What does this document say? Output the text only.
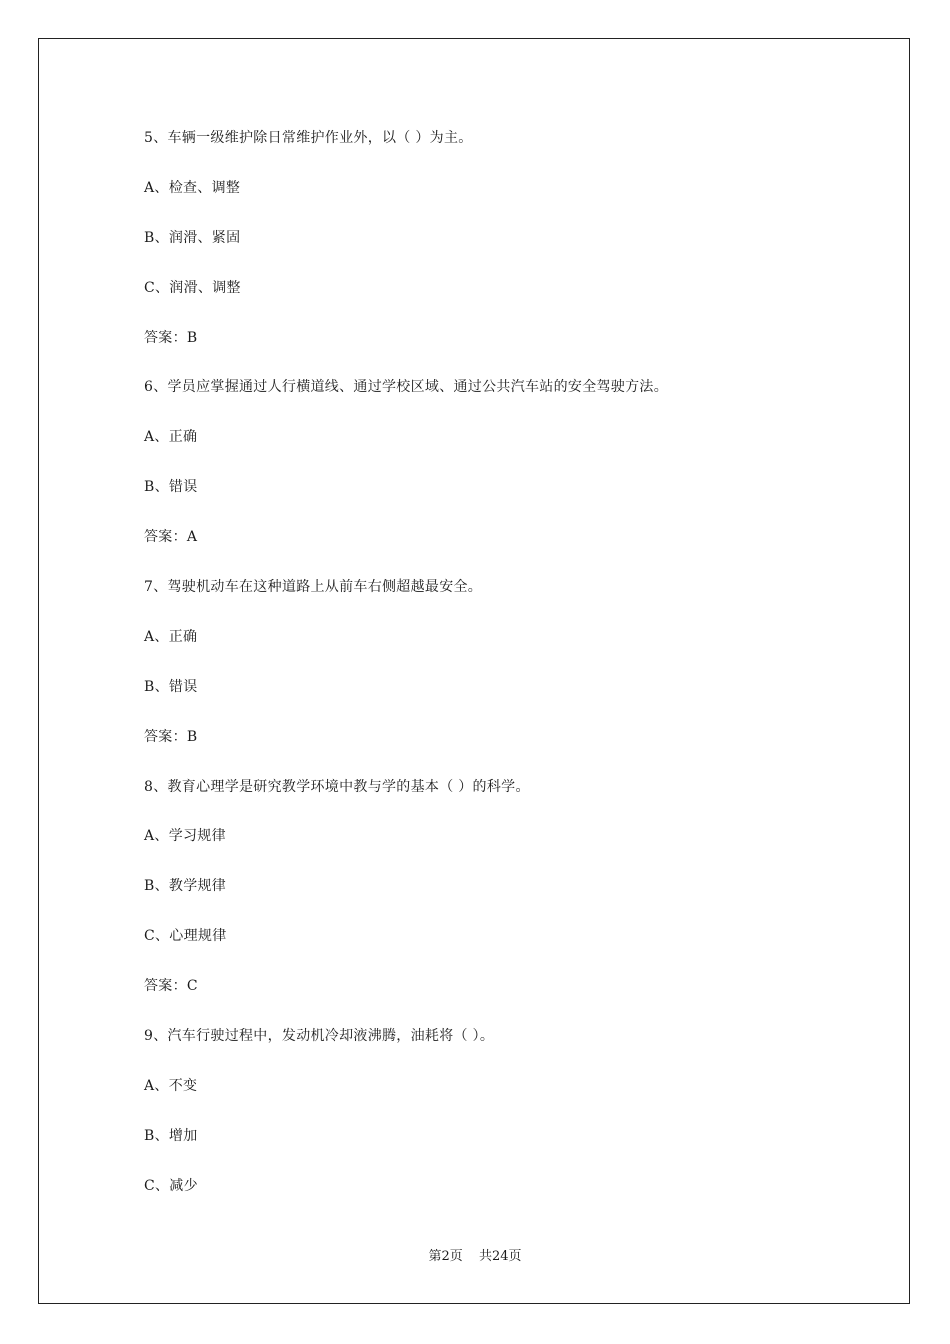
5、车辆一级维护除日常维护作业外，以（ ）为主。
A、检查、调整
B、润滑、紧固
C、润滑、调整
答案：B
6、学员应掌握通过人行横道线、通过学校区域、通过公共汽车站的安全驾驶方法。
A、正确
B、错误
答案：A
7、驾驶机动车在这种道路上从前车右侧超越最安全。
A、正确
B、错误
答案：B
8、教育心理学是研究教学环境中教与学的基本（ ）的科学。
A、学习规律
B、教学规律
C、心理规律
答案：C
9、汽车行驶过程中，发动机冷却液沸腾，油耗将（ ）。
A、不变
B、增加
C、减少
第2页 共24页
